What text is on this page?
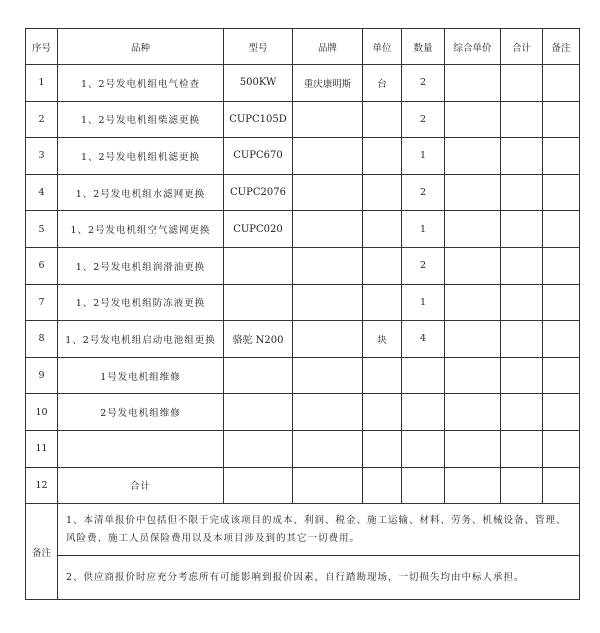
序号	品种	型号	品牌	单位	数量	综合单价	合计	备注
1	1、2号发电机组电气检查	500KW	重庆康明斯	台	2			
2	1、2号发电机组柴滤更换	CUPC105D			2			
3	1、2号发电机组机滤更换	CUPC670			1			
4	1、2号发电机组水滤网更换	CUPC2076			2			
5	1、2号发电机组空气滤网更换	CUPC020			1			
6	1、2号发电机组润滑油更换				2			
7	1、2号发电机组防冻液更换				1			
8	1、2号发电机组启动电池组更换	骆驼 N200		块	4			
9	1号发电机组维修							
10	2号发电机组维修							
11								
12	合计							
备注	1、本清单报价中包括但不限于完成该项目的成本、利润、税金、施工运输、材料、劳务、机械设备、管理、风险费、施工人员保险费用以及本项目涉及到的其它一切费用。							
	2、供应商报价时应充分考虑所有可能影响到报价因素，自行踏勘现场，一切损失均由中标人承担。							
